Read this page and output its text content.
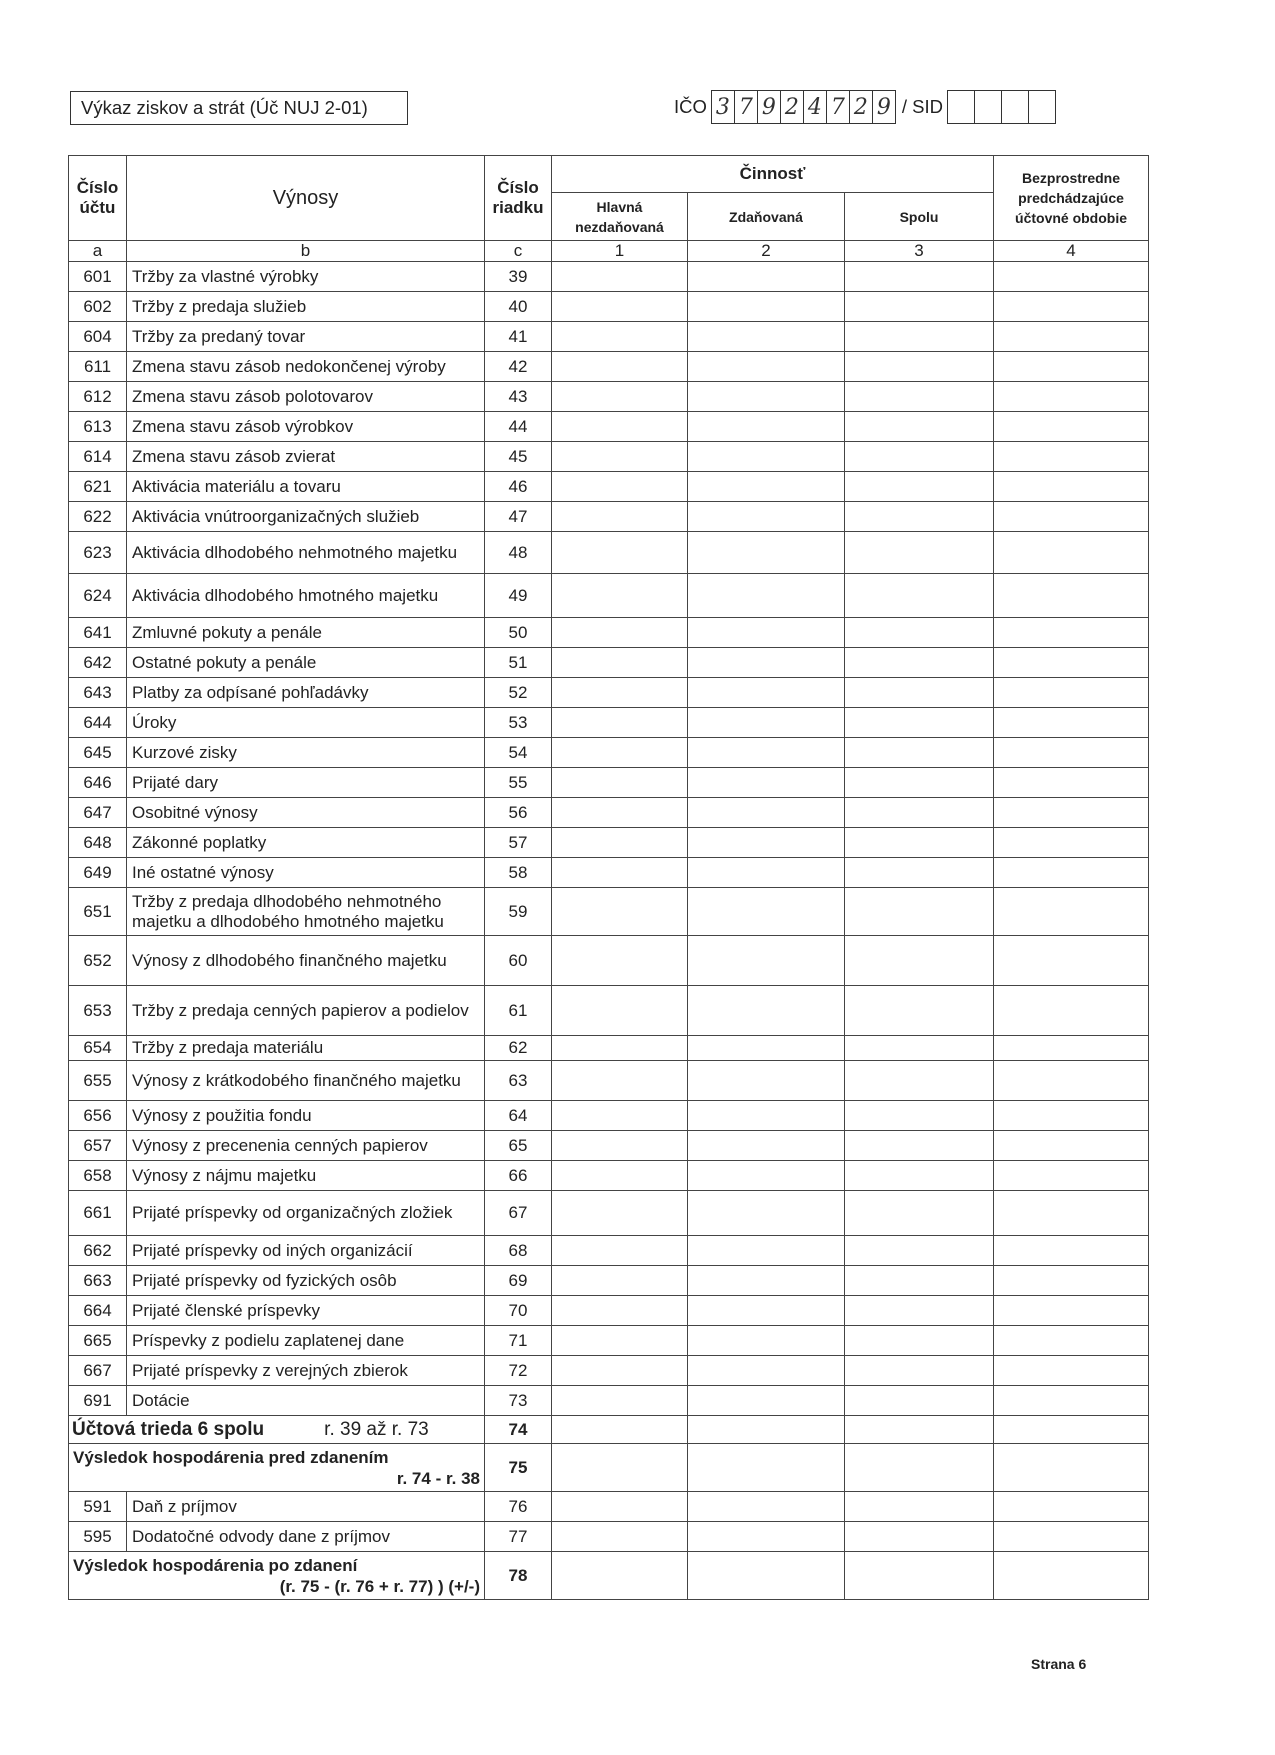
Výkaz ziskov a strát (Úč NUJ 2-01)	IČO 3 7 9 2 4 7 2 9 / SID
Číslo účtu	Výnosy	Číslo riadku	Činnosť			Bezprostredne predchádzajúce účtovné obdobie
			Hlavná nezdaňovaná	Zdaňovaná	Spolu	
a	b	c	1	2	3	4
601	Tržby za vlastné výrobky	39				
602	Tržby z predaja služieb	40				
604	Tržby za predaný tovar	41				
611	Zmena stavu zásob nedokončenej výroby	42				
612	Zmena stavu zásob polotovarov	43				
613	Zmena stavu zásob výrobkov	44				
614	Zmena stavu zásob zvierat	45				
621	Aktivácia materiálu a tovaru	46				
622	Aktivácia vnútroorganizačných služieb	47				
623	Aktivácia dlhodobého nehmotného majetku	48				
624	Aktivácia dlhodobého hmotného majetku	49				
641	Zmluvné pokuty a penále	50				
642	Ostatné pokuty a penále	51				
643	Platby za odpísané pohľadávky	52				
644	Úroky	53				
645	Kurzové zisky	54				
646	Prijaté dary	55				
647	Osobitné výnosy	56				
648	Zákonné poplatky	57				
649	Iné ostatné výnosy	58				
651	Tržby z predaja dlhodobého nehmotného majetku a dlhodobého hmotného majetku	59				
652	Výnosy z dlhodobého finančného majetku	60				
653	Tržby z predaja cenných papierov a podielov	61				
654	Tržby z predaja materiálu	62				
655	Výnosy z krátkodobého finančného majetku	63				
656	Výnosy z použitia fondu	64				
657	Výnosy z precenenia cenných papierov	65				
658	Výnosy z nájmu majetku	66				
661	Prijaté príspevky od organizačných zložiek	67				
662	Prijaté príspevky od iných organizácií	68				
663	Prijaté príspevky od fyzických osôb	69				
664	Prijaté členské príspevky	70				
665	Príspevky z podielu zaplatenej dane	71				
667	Prijaté príspevky z verejných zbierok	72				
691	Dotácie	73				
Účtová trieda 6 spolu r. 39 až r. 73		74				

Výsledok hospodárenia pred zdanením
r. 74 - r. 38		75				
591	Daň z príjmov	76				
595	Dodatočné odvody dane z príjmov	77				

Výsledok hospodárenia po zdanení
(r. 75 - (r. 76 + r. 77) ) (+/-)		78				
Strana 6
